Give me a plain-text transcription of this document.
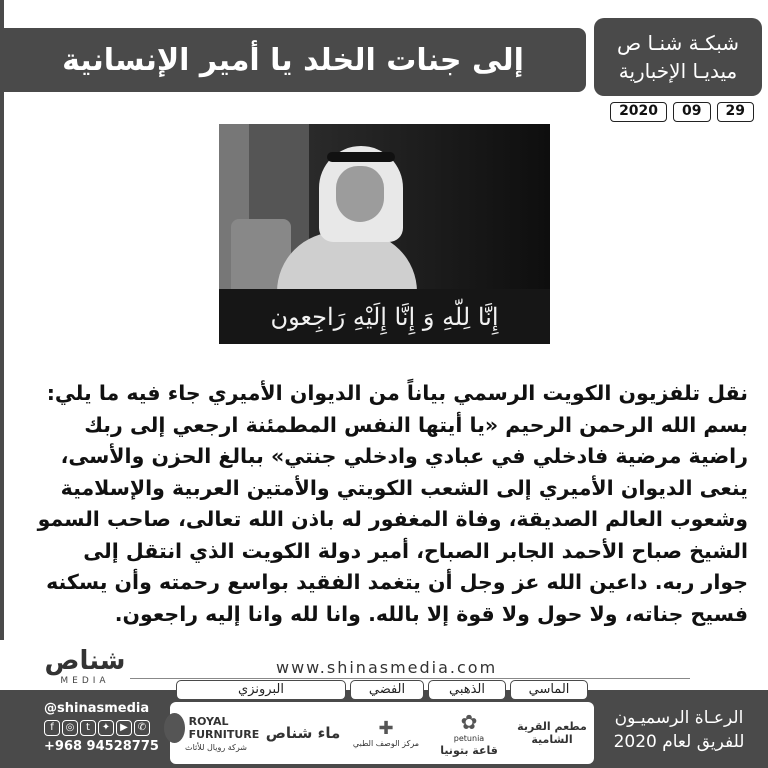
إلى جنات الخلد يا أمير الإنسانية	شبكـة شنـا ص
ميديـا الإخبارية
2020	09	29
إِنَّا لِلّهِ وَ إِنَّا إِلَيْهِ رَاجِعون
نقل تلفزيون الكويت الرسمي بياناً من الديوان الأميري جاء فيه ما يلي:
بسم الله الرحمن الرحيم «يا أيتها النفس المطمئنة ارجعي إلى ربك
راضية مرضية فادخلي في عبادي وادخلي جنتي» ببالغ الحزن والأسى،
ينعى الديوان الأميري إلى الشعب الكويتي والأمتين العربية والإسلامية
وشعوب العالم الصديقة، وفاة المغفور له باذن الله تعالى، صاحب السمو
الشيخ صباح الأحمد الجابر الصباح، أمير دولة الكويت الذي انتقل إلى
جوار ربه. داعين الله عز وجل أن يتغمد الفقيد بواسع رحمته وأن يسكنه
فسيح جناته، ولا حول ولا قوة إلا بالله. وانا لله وانا إليه راجعون.
ﺷﻨﺎﺹ
MEDIA
www.shinasmedia.com
@shinasmedia
f	◎	t	✦ ▶ ✆
+968 94528775
ROYAL FURNITURE
شركة رويال للأثاث
ماء شناص ✚
مركز الوصف الطبي
✿
petunia
قاعة بتونيا
مطعم القرية الشامية
البرونزي	الفضي	الذهبي	الماسي
الرعـاة الرسميـون
للفريق لعام 2020
